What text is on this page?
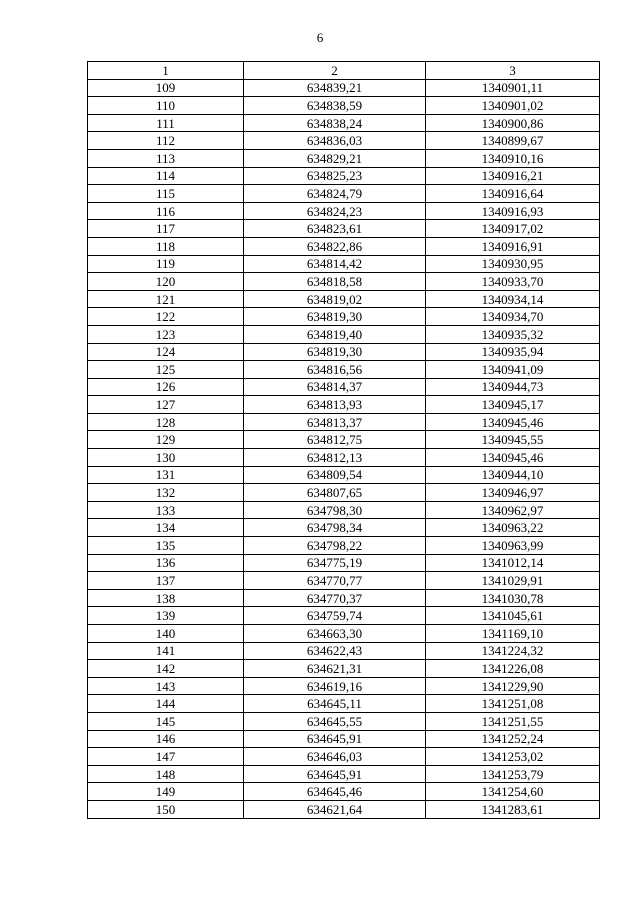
6
1	2	3
109	634839,21	1340901,11
110	634838,59	1340901,02
111	634838,24	1340900,86
112	634836,03	1340899,67
113	634829,21	1340910,16
114	634825,23	1340916,21
115	634824,79	1340916,64
116	634824,23	1340916,93
117	634823,61	1340917,02
118	634822,86	1340916,91
119	634814,42	1340930,95
120	634818,58	1340933,70
121	634819,02	1340934,14
122	634819,30	1340934,70
123	634819,40	1340935,32
124	634819,30	1340935,94
125	634816,56	1340941,09
126	634814,37	1340944,73
127	634813,93	1340945,17
128	634813,37	1340945,46
129	634812,75	1340945,55
130	634812,13	1340945,46
131	634809,54	1340944,10
132	634807,65	1340946,97
133	634798,30	1340962,97
134	634798,34	1340963,22
135	634798,22	1340963,99
136	634775,19	1341012,14
137	634770,77	1341029,91
138	634770,37	1341030,78
139	634759,74	1341045,61
140	634663,30	1341169,10
141	634622,43	1341224,32
142	634621,31	1341226,08
143	634619,16	1341229,90
144	634645,11	1341251,08
145	634645,55	1341251,55
146	634645,91	1341252,24
147	634646,03	1341253,02
148	634645,91	1341253,79
149	634645,46	1341254,60
150	634621,64	1341283,61
